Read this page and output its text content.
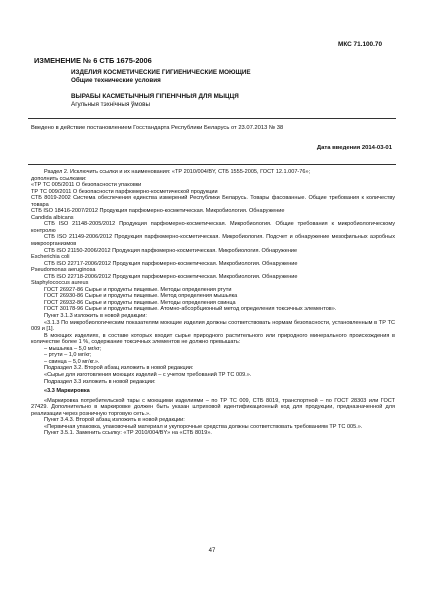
МКС 71.100.70
ИЗМЕНЕНИЕ № 6 СТБ 1675-2006
ИЗДЕЛИЯ КОСМЕТИЧЕСКИЕ ГИГИЕНИЧЕСКИЕ МОЮЩИЕ
Общие технические условия
ВЫРАБЫ КАСМЕТЫЧНЫЯ ГІГІЕНІЧНЫЯ ДЛЯ МЫЦЦЯ
Агульныя тэхнічныя ўмовы
Введено в действие постановлением Госстандарта Республики Беларусь от 23.07.2013 № 38
Дата введения 2014-03-01

Раздел 2. Исключить ссылки и их наименования: «ТР 2010/004/BY, СТБ 1555-2005, ГОСТ 12.1.007-76»;

дополнить ссылками:

«ТР ТС 005/2011 О безопасности упаковки

ТР ТС 009/2011 О безопасности парфюмерно-косметической продукции

СТБ 8019-2002 Система обеспечения единства измерений Республики Беларусь. Товары фасованные. Общие требования к количеству товара

СТБ ISO 18416-2007/2012 Продукция парфюмерно-косметическая. Микробиология. Обнаружение

Candida albicans

СТБ ISO 21148-2005/2012 Продукция парфюмерно-косметическая. Микробиология. Общие требования к микробиологическому контролю

СТБ ISO 21149-2006/2012 Продукция парфюмерно-косметическая. Микробиология. Подсчет и обнаружение мезофильных аэробных микроорганизмов

СТБ ISO 21150-2006/2012 Продукция парфюмерно-косметическая. Микробиология. Обнаружение

Escherichia coli

СТБ ISO 22717-2006/2012 Продукция парфюмерно-косметическая. Микробиология. Обнаружение

Pseudomonas aeruginosa

СТБ ISO 22718-2006/2012 Продукция парфюмерно-косметическая. Микробиология. Обнаружение

Staphylococcus aureus

ГОСТ 26927-86 Сырье и продукты пищевые. Методы определения ртути

ГОСТ 26930-86 Сырье и продукты пищевые. Метод определения мышьяка

ГОСТ 26932-86 Сырье и продукты пищевые. Методы определения свинца

ГОСТ 30178-96 Сырье и продукты пищевые. Атомно-абсорбционный метод определения токсичных элементов».

Пункт 3.1.3 изложить в новой редакции:

«3.1.3 По микробиологическим показателям моющие изделия должны соответствовать нормам безопасности, установленным в ТР ТС 009 и [1].

В моющих изделиях, в составе которых входит сырье природного растительного или природного минерального происхождения в количестве более 1 %, содержание токсичных элементов не должно превышать:

– мышьяка – 5,0 мг/кг;

– ртути – 1,0 мг/кг;

– свинца – 5,0 мг/кг.».

Подраздел 3.2. Второй абзац изложить в новой редакции:

«Сырье для изготовления моющих изделий – с учетом требований ТР ТС 009.».

Подраздел 3.3 изложить в новой редакции:

«3.3 Маркировка

«Маркировка потребительской тары с моющими изделиями – по ТР ТС 009, СТБ 8019, транспортной – по ГОСТ 28303 или ГОСТ 27429. Дополнительно в маркировке должен быть указан штриховой идентификационный код для продукции, предназначенной для реализации через розничную торговую сеть.».

Пункт 3.4.3. Второй абзац изложить в новой редакции:

«Первичная упаковка, упаковочный материал и укупорочные средства должны соответствовать требованиям ТР ТС 005.».

Пункт 3.5.1. Заменить ссылку: «ТР 2010/004/BY» на «СТБ 8019».

47
